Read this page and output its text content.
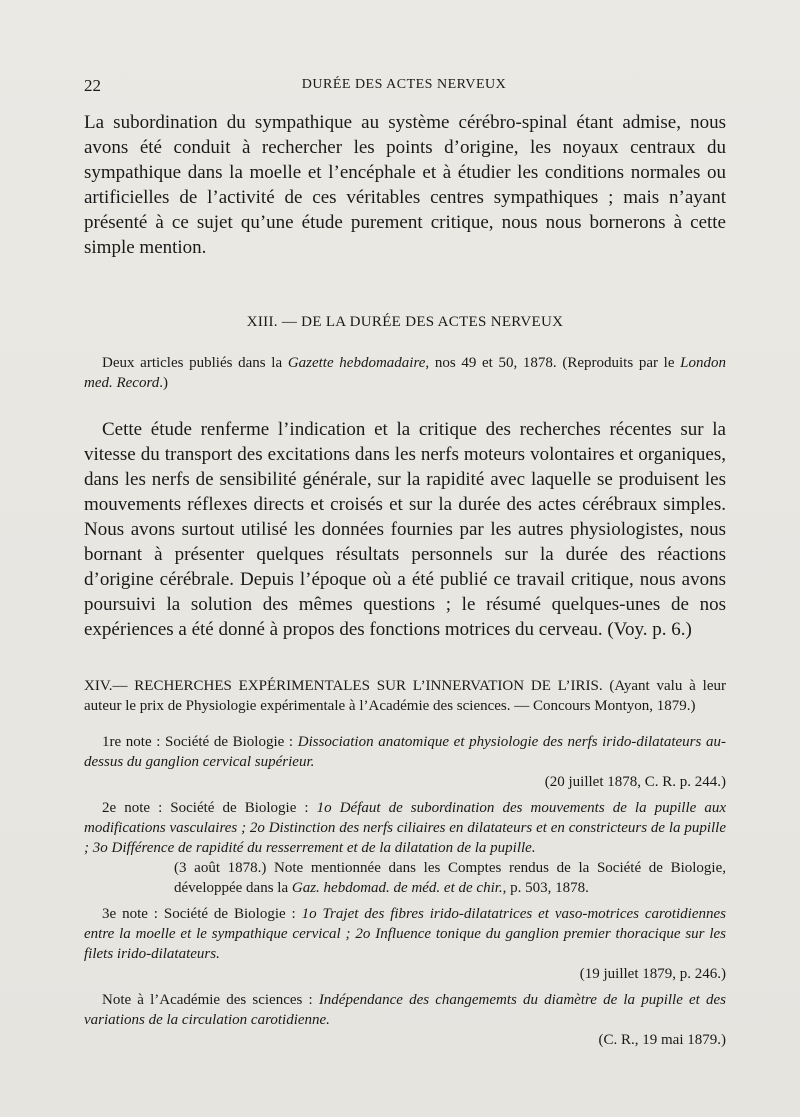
22	DURÉE DES ACTES NERVEUX

La subordination du sympathique au système cérébro-spinal étant admise, nous avons été conduit à rechercher les points d’origine, les noyaux centraux du sympathique dans la moelle et l’encéphale et à étudier les conditions normales ou artificielles de l’activité de ces véritables centres sympathiques ; mais n’ayant présenté à ce sujet qu’une étude purement critique, nous nous bornerons à cette simple mention.

XIII. — DE LA DURÉE DES ACTES NERVEUX

Deux articles publiés dans la Gazette hebdomadaire, nos 49 et 50, 1878. (Reproduits par le London med. Record.)

Cette étude renferme l’indication et la critique des recherches récentes sur la vitesse du transport des excitations dans les nerfs moteurs volontaires et organiques, dans les nerfs de sensibilité générale, sur la rapidité avec laquelle se produisent les mouvements réflexes directs et croisés et sur la durée des actes cérébraux simples. Nous avons surtout utilisé les données fournies par les autres physiologistes, nous bornant à présenter quelques résultats personnels sur la durée des réactions d’origine cérébrale. Depuis l’époque où a été publié ce travail critique, nous avons poursuivi la solution des mêmes questions ; le résumé quelques-unes de nos expériences a été donné à propos des fonctions motrices du cerveau. (Voy. p. 6.)

XIV.— RECHERCHES EXPÉRIMENTALES SUR L’INNERVATION DE L’IRIS. (Ayant valu à leur auteur le prix de Physiologie expérimentale à l’Académie des sciences. — Concours Montyon, 1879.)

1re note : Société de Biologie : Dissociation anatomique et physiologie des nerfs irido-dilatateurs au-dessus du ganglion cervical supérieur.

(20 juillet 1878, C. R. p. 244.)

2e note : Société de Biologie : 1o Défaut de subordination des mouvements de la pupille aux modifications vasculaires ; 2o Distinction des nerfs ciliaires en dilatateurs et en constricteurs de la pupille ; 3o Différence de rapidité du resserrement et de la dilatation de la pupille.

(3 août 1878.) Note mentionnée dans les Comptes rendus de la Société de Biologie, développée dans la Gaz. hebdomad. de méd. et de chir., p. 503, 1878.

3e note : Société de Biologie : 1o Trajet des fibres irido-dilatatrices et vaso-motrices carotidiennes entre la moelle et le sympathique cervical ; 2o Influence tonique du ganglion premier thoracique sur les filets irido-dilatateurs.

(19 juillet 1879, p. 246.)

Note à l’Académie des sciences : Indépendance des changememts du diamètre de la pupille et des variations de la circulation carotidienne.

(C. R., 19 mai 1879.)
